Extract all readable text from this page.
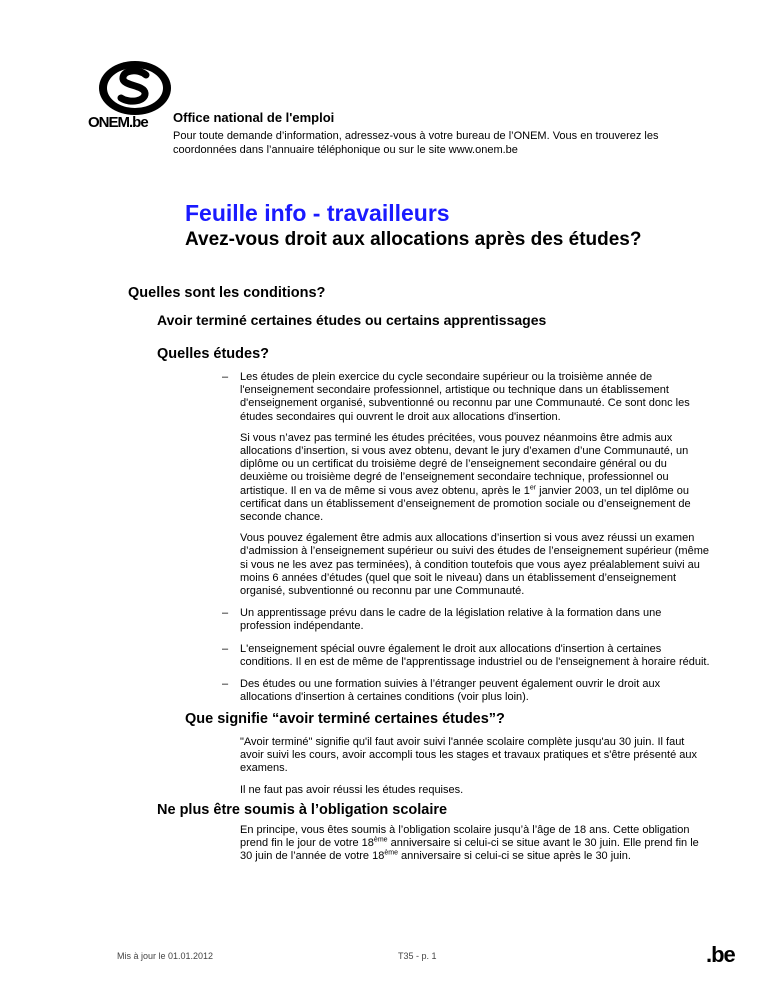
ONEM.be Office national de l'emploi

Pour toute demande d’information, adressez-vous à votre bureau de l’ONEM. Vous en trouverez les coordonnées dans l’annuaire téléphonique ou sur le site www.onem.be

Feuille info - travailleurs
Avez-vous droit aux allocations après des études?
Quelles sont les conditions?
Avoir terminé certaines études ou certains apprentissages
Quelles études?
– Les études de plein exercice du cycle secondaire supérieur ou la troisième année de l'enseignement secondaire professionnel, artistique ou technique dans un établissement d'enseignement organisé, subventionné ou reconnu par une Communauté. Ce sont donc les études secondaires qui ouvrent le droit aux allocations d'insertion.

Si vous n’avez pas terminé les études précitées, vous pouvez néanmoins être admis aux allocations d’insertion, si vous avez obtenu, devant le jury d’examen d’une Communauté, un diplôme ou un certificat du troisième degré de l’enseignement secondaire général ou du deuxième ou troisième degré de l’enseignement secondaire technique, professionnel ou artistique. Il en va de même si vous avez obtenu, après le 1er janvier 2003, un tel diplôme ou certificat dans un établissement d’enseignement de promotion sociale ou d’enseignement de seconde chance.

Vous pouvez également être admis aux allocations d’insertion si vous avez réussi un examen d’admission à l’enseignement supérieur ou suivi des études de l’enseignement supérieur (même si vous ne les avez pas terminées), à condition toutefois que vous ayez préalablement suivi au moins 6 années d’études (quel que soit le niveau) dans un établissement d’enseignement organisé, subventionné ou reconnu par une Communauté.

– Un apprentissage prévu dans le cadre de la législation relative à la formation dans une profession indépendante.

– L'enseignement spécial ouvre également le droit aux allocations d'insertion à certaines conditions. Il en est de même de l'apprentissage industriel ou de l'enseignement à horaire réduit.

– Des études ou une formation suivies à l’étranger peuvent également ouvrir le droit aux allocations d'insertion à certaines conditions (voir plus loin).

Que signifie “avoir terminé certaines études”?

"Avoir terminé" signifie qu'il faut avoir suivi l'année scolaire complète jusqu'au 30 juin. Il faut avoir suivi les cours, avoir accompli tous les stages et travaux pratiques et s'être présenté aux examens.

Il ne faut pas avoir réussi les études requises.

Ne plus être soumis à l’obligation scolaire

En principe, vous êtes soumis à l’obligation scolaire jusqu’à l’âge de 18 ans. Cette obligation prend fin le jour de votre 18ème anniversaire si celui-ci se situe avant le 30 juin. Elle prend fin le 30 juin de l’année de votre 18ème anniversaire si celui-ci se situe après le 30 juin.

Mis à jour le 01.01.2012	T35 - p. 1	.be
